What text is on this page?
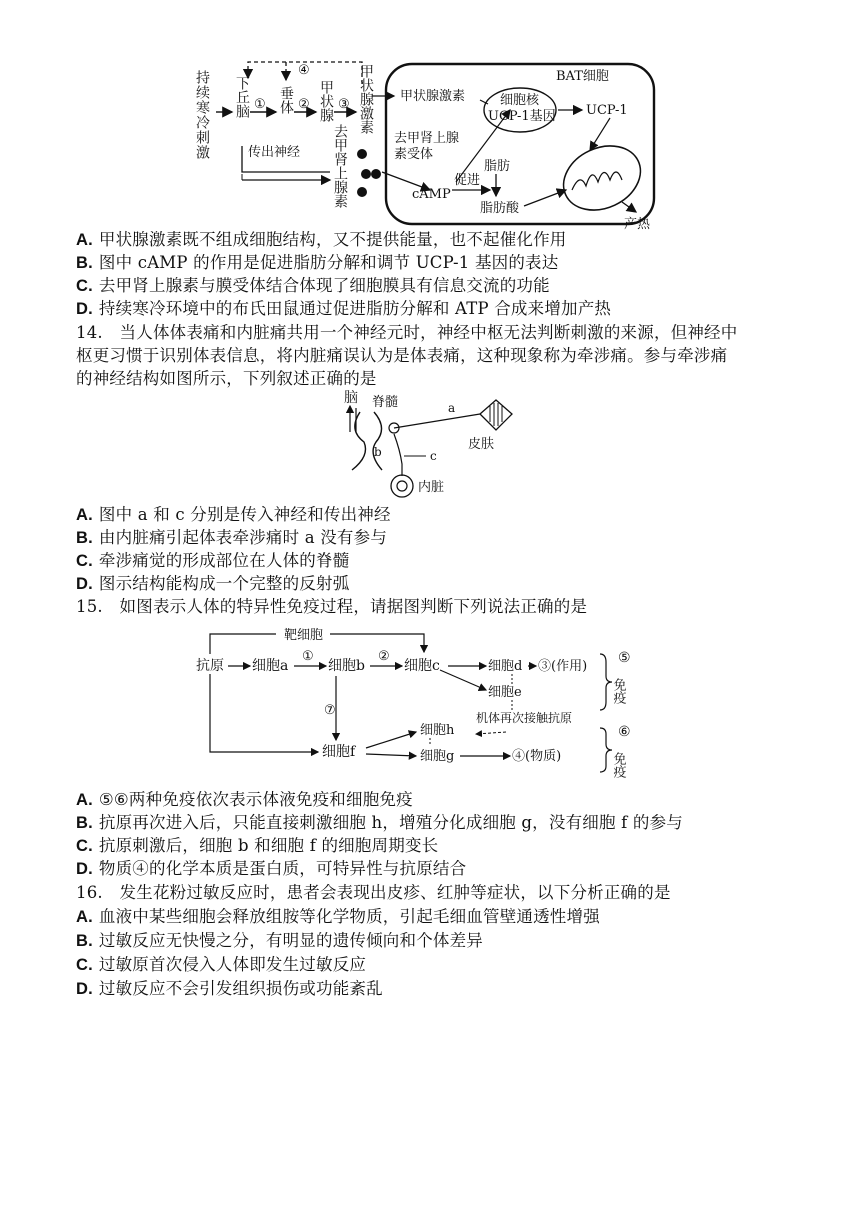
持续寒冷刺激 下丘脑 垂体 甲状腺 甲状腺激素
去甲肾上腺素
① ② ③
④
传出神经
BAT细胞
甲状腺激素	细胞核
UCP-1基因 UCP-1
去甲肾上腺
素受体
cAMP
促进
脂肪
脂肪酸
产热
A. 甲状腺激素既不组成细胞结构，又不提供能量，也不起催化作用
B. 图中 cAMP 的作用是促进脂肪分解和调节 UCP-1 基因的表达
C. 去甲肾上腺素与膜受体结合体现了细胞膜具有信息交流的功能
D. 持续寒冷环境中的布氏田鼠通过促进脂肪分解和 ATP 合成来增加产热
14.　当人体体表痛和内脏痛共用一个神经元时，神经中枢无法判断刺激的来源，但神经中
枢更习惯于识别体表信息，将内脏痛误认为是体表痛，这种现象称为牵涉痛。参与牵涉痛
的神经结构如图所示，下列叙述正确的是
脑 脊髓	a
b	c
皮肤
内脏
A. 图中 a 和 c 分别是传入神经和传出神经
B. 由内脏痛引起体表牵涉痛时 a 没有参与
C. 牵涉痛觉的形成部位在人体的脊髓
D. 图示结构能构成一个完整的反射弧
15.　如图表示人体的特异性免疫过程，请据图判断下列说法正确的是
靶细胞
抗原 细胞a
①
细胞b
②
细胞c	细胞d ③(作用)
细胞e
机体再次接触抗原
⑤
免疫
⑦
细胞f
细胞h
细胞g	④(物质)
⑥
免疫
A. ⑤⑥两种免疫依次表示体液免疫和细胞免疫
B. 抗原再次进入后，只能直接刺激细胞 h，增殖分化成细胞 g，没有细胞 f 的参与
C. 抗原刺激后，细胞 b 和细胞 f 的细胞周期变长
D. 物质④的化学本质是蛋白质，可特异性与抗原结合
16.　发生花粉过敏反应时，患者会表现出皮疹、红肿等症状，以下分析正确的是
A. 血液中某些细胞会释放组胺等化学物质，引起毛细血管壁通透性增强
B. 过敏反应无快慢之分，有明显的遗传倾向和个体差异
C. 过敏原首次侵入人体即发生过敏反应
D. 过敏反应不会引发组织损伤或功能紊乱
